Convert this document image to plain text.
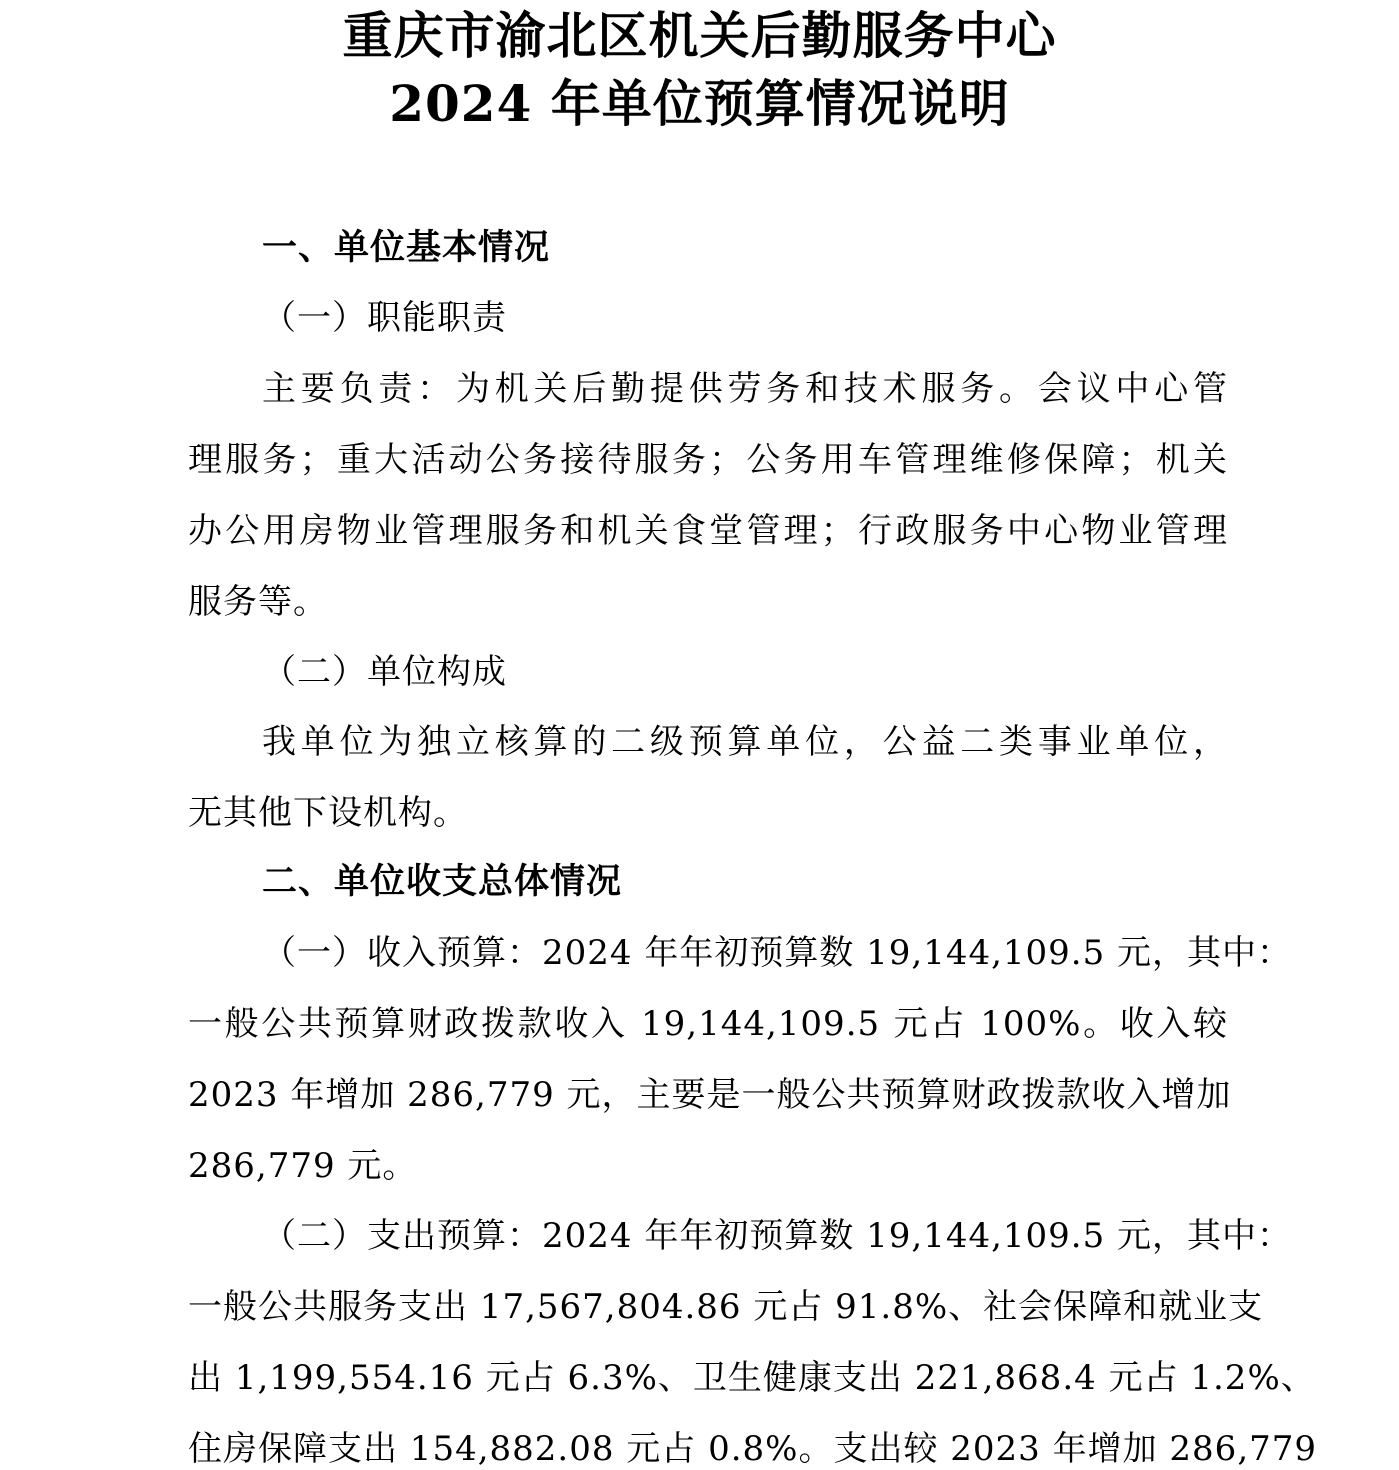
重庆市渝北区机关后勤服务中心
2024 年单位预算情况说明
一、单位基本情况
（一）职能职责
主要负责：为机关后勤提供劳务和技术服务。会议中心管
理服务；重大活动公务接待服务；公务用车管理维修保障；机关
办公用房物业管理服务和机关食堂管理；行政服务中心物业管理
服务等。
（二）单位构成
我单位为独立核算的二级预算单位，公益二类事业单位，
无其他下设机构。
二、单位收支总体情况
（一）收入预算：2024 年年初预算数 19,144,109.5 元，其中：
一般公共预算财政拨款收入 19,144,109.5 元占 100%。收入较
2023 年增加 286,779 元，主要是一般公共预算财政拨款收入增加
286,779 元。
（二）支出预算：2024 年年初预算数 19,144,109.5 元，其中：
一般公共服务支出 17,567,804.86 元占 91.8%、社会保障和就业支
出 1,199,554.16 元占 6.3%、卫生健康支出 221,868.4 元占 1.2%、
住房保障支出 154,882.08 元占 0.8%。支出较 2023 年增加 286,779
